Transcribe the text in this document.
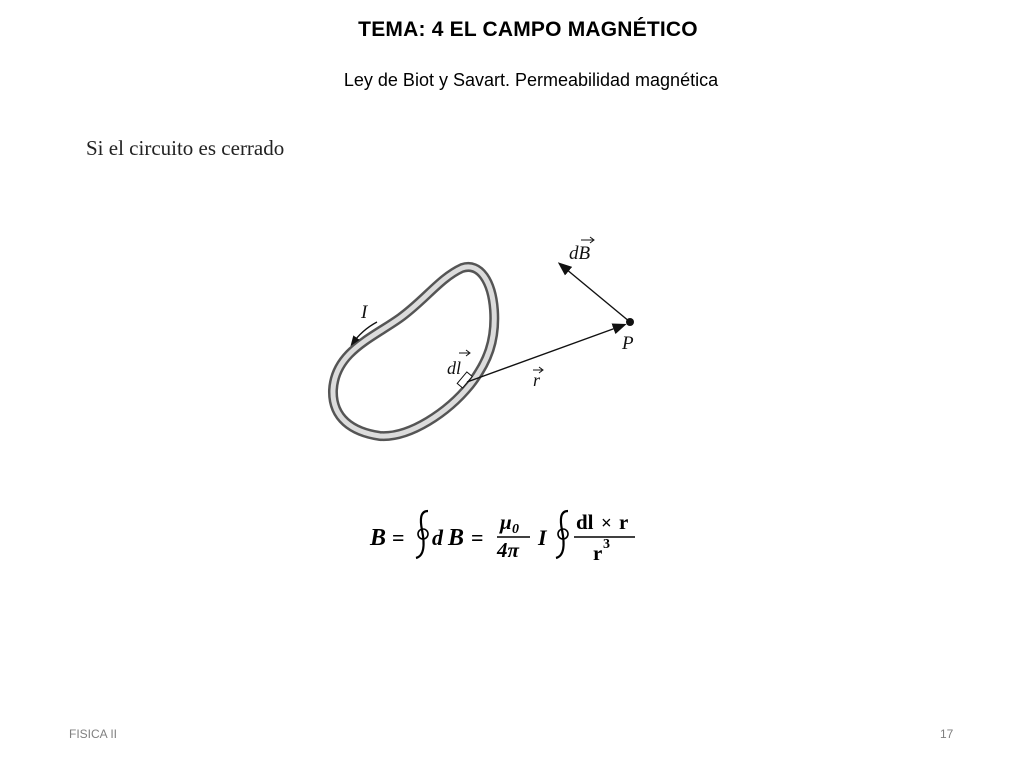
TEMA: 4 EL CAMPO MAGNÉTICO
Ley de Biot y Savart. Permeabilidad magnética
Si el circuito es cerrado
I
dl
r
P
dB
B = d B =
μ 0
4π I
dl × r
r 3
FISICA II	17
